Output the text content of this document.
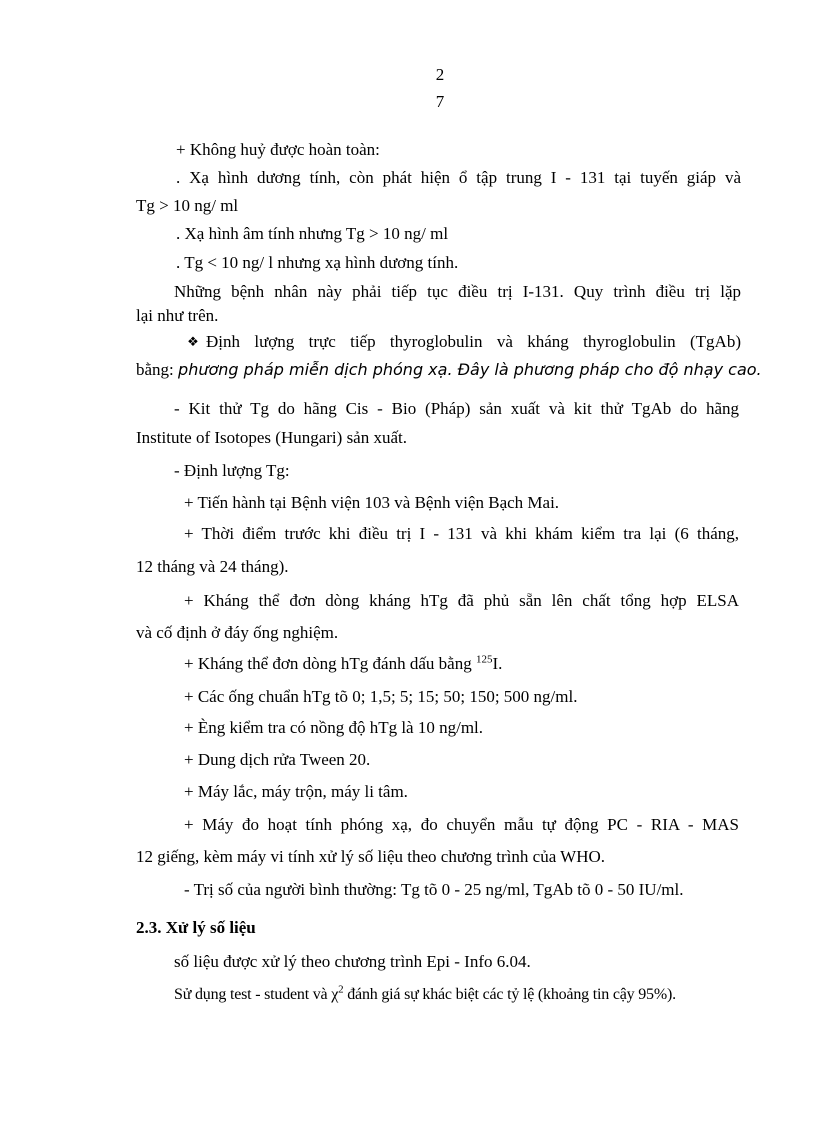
2
7
+ Không huỷ được hoàn toàn:
. Xạ hình dương tính, còn phát hiện ổ tập trung I - 131 tại tuyến giáp và
Tg > 10 ng/ ml
. Xạ hình âm tính nhưng Tg > 10 ng/ ml
. Tg < 10 ng/ l nhưng xạ hình dương tính.
Những bệnh nhân này phải tiếp tục điều trị I-131. Quy trình điều trị lặp
lại như trên.
❖ Định lượng trực tiếp thyroglobulin và kháng thyroglobulin (TgAb)
bằng: phương pháp miễn dịch phóng xạ. Đây là phương pháp cho độ nhạy cao.
- Kit thử Tg do hãng Cis - Bio (Pháp) sản xuất và kit thử TgAb do hãng
Institute of Isotopes (Hungari) sản xuất.
- Định lượng Tg:
+ Tiến hành tại Bệnh viện 103 và Bệnh viện Bạch Mai.
+ Thời điểm trước khi điều trị I - 131 và khi khám kiểm tra lại (6 tháng,
12 tháng và 24 tháng).
+ Kháng thể đơn dòng kháng hTg đã phủ sẵn lên chất tổng hợp ELSA
và cố định ở đáy ống nghiệm.
+ Kháng thể đơn dòng hTg đánh dấu bằng $^{125}$I.
+ Các ống chuẩn hTg tõ 0; 1,5; 5; 15; 50; 150; 500 ng/ml.
+ Èng kiểm tra có nồng độ hTg là 10 ng/ml.
+ Dung dịch rửa Tween 20.
+ Máy lắc, máy trộn, máy li tâm.
+ Máy đo hoạt tính phóng xạ, đo chuyển mẫu tự động PC - RIA - MAS
12 giếng, kèm máy vi tính xử lý số liệu theo chương trình của WHO.
- Trị số của người bình thường: Tg tõ 0 - 25 ng/ml, TgAb tõ 0 - 50 IU/ml.
2.3. Xử lý số liệu
số liệu được xử lý theo chương trình Epi - Info 6.04.
Sử dụng test - student và $\chi^2$ đánh giá sự khác biệt các tỷ lệ (khoảng tin cậy 95%).
